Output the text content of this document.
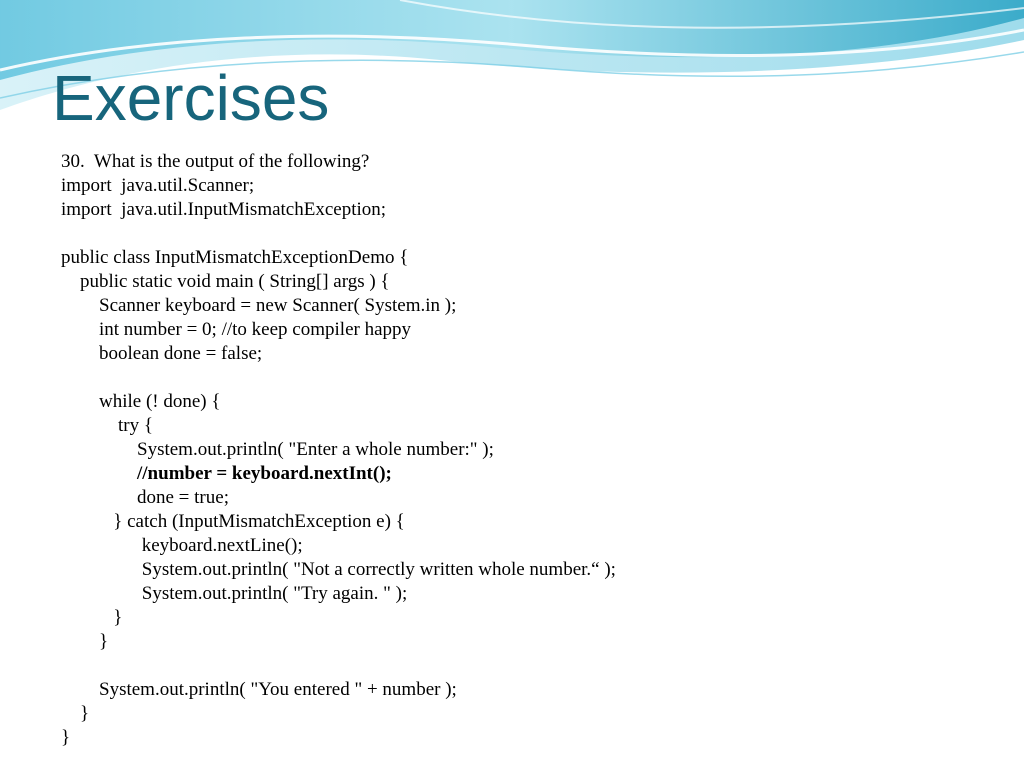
Exercises
30.  What is the output of the following?
import  java.util.Scanner;
import  java.util.InputMismatchException;
public class InputMismatchExceptionDemo {
public static void main ( String[] args ) {
Scanner keyboard = new Scanner( System.in );
int number = 0; //to keep compiler happy
boolean done = false;
while (! done) {
try {
System.out.println( "Enter a whole number:" );
//number = keyboard.nextInt();
done = true;
} catch (InputMismatchException e) {
keyboard.nextLine();
System.out.println( "Not a correctly written whole number.“ );
System.out.println( "Try again. " );
}
}
System.out.println( "You entered " + number );
}
}
